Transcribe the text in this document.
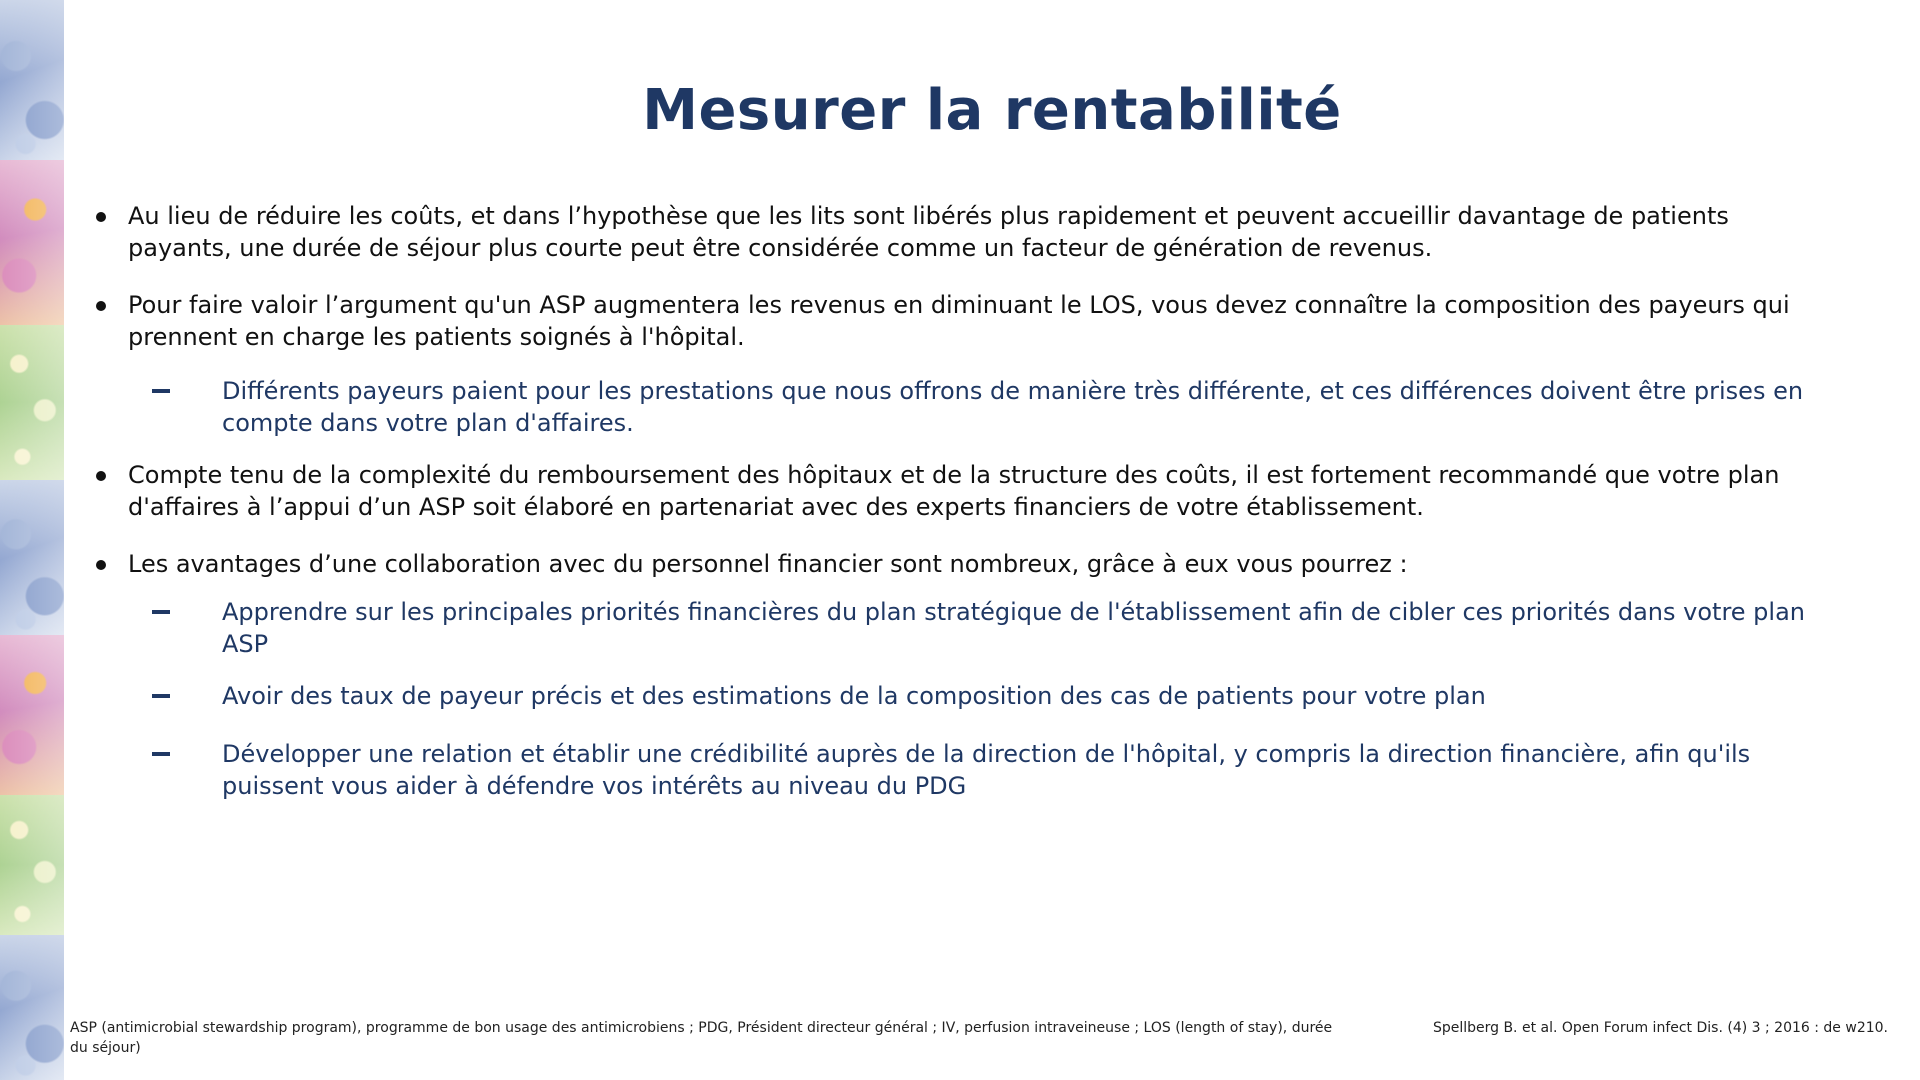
Mesurer la rentabilité
Au lieu de réduire les coûts, et dans l’hypothèse que les lits sont libérés plus rapidement et peuvent accueillir davantage de patients payants, une durée de séjour plus courte peut être considérée comme un facteur de génération de revenus.
Pour faire valoir l’argument qu'un ASP augmentera les revenus en diminuant le LOS, vous devez connaître la composition des payeurs qui prennent en charge les patients soignés à l'hôpital.
Différents payeurs paient pour les prestations que nous offrons de manière très différente, et ces différences doivent être prises en compte dans votre plan d'affaires.
Compte tenu de la complexité du remboursement des hôpitaux et de la structure des coûts, il est fortement recommandé que votre plan d'affaires à l’appui d’un ASP soit élaboré en partenariat avec des experts financiers de votre établissement.
Les avantages d’une collaboration avec du personnel financier sont nombreux, grâce à eux vous pourrez :
Apprendre sur les principales priorités financières du plan stratégique de l'établissement afin de cibler ces priorités dans votre plan ASP
Avoir des taux de payeur précis et des estimations de la composition des cas de patients pour votre plan
Développer une relation et établir une crédibilité auprès de la direction de l'hôpital, y compris la direction financière, afin qu'ils puissent vous aider à défendre vos intérêts au niveau du PDG
ASP (antimicrobial stewardship program), programme de bon usage des antimicrobiens ; PDG, Président directeur général ; IV, perfusion intraveineuse ; LOS (length of stay), durée du séjour)
Spellberg B. et al. Open Forum infect Dis. (4) 3 ; 2016 : de w210.
